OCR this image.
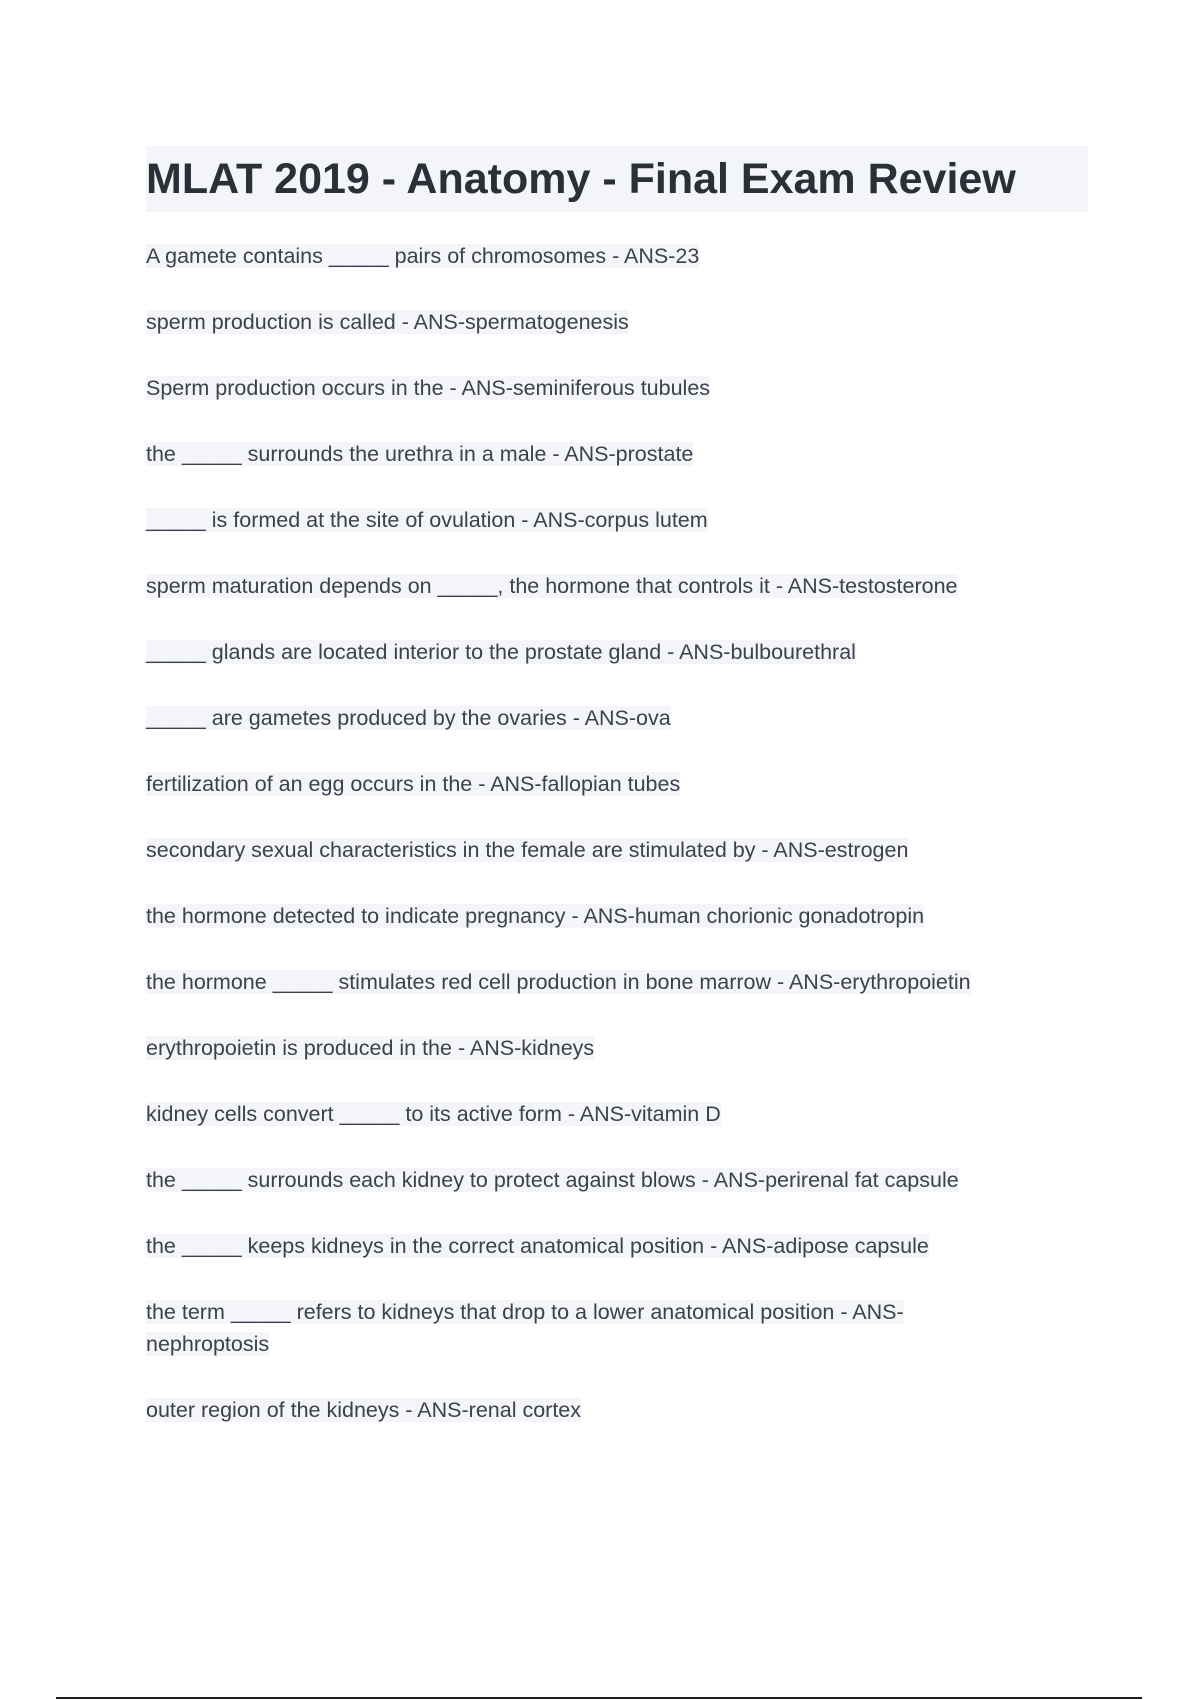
MLAT 2019 - Anatomy - Final Exam Review
A gamete contains _____ pairs of chromosomes - ANS-23
sperm production is called - ANS-spermatogenesis
Sperm production occurs in the - ANS-seminiferous tubules
the _____ surrounds the urethra in a male - ANS-prostate
_____ is formed at the site of ovulation - ANS-corpus lutem
sperm maturation depends on _____, the hormone that controls it - ANS-testosterone
_____ glands are located interior to the prostate gland - ANS-bulbourethral
_____ are gametes produced by the ovaries - ANS-ova
fertilization of an egg occurs in the - ANS-fallopian tubes
secondary sexual characteristics in the female are stimulated by - ANS-estrogen
the hormone detected to indicate pregnancy - ANS-human chorionic gonadotropin
the hormone _____ stimulates red cell production in bone marrow - ANS-erythropoietin
erythropoietin is produced in the - ANS-kidneys
kidney cells convert _____ to its active form - ANS-vitamin D
the _____ surrounds each kidney to protect against blows - ANS-perirenal fat capsule
the _____ keeps kidneys in the correct anatomical position - ANS-adipose capsule
the term _____ refers to kidneys that drop to a lower anatomical position - ANS-nephroptosis
outer region of the kidneys - ANS-renal cortex
